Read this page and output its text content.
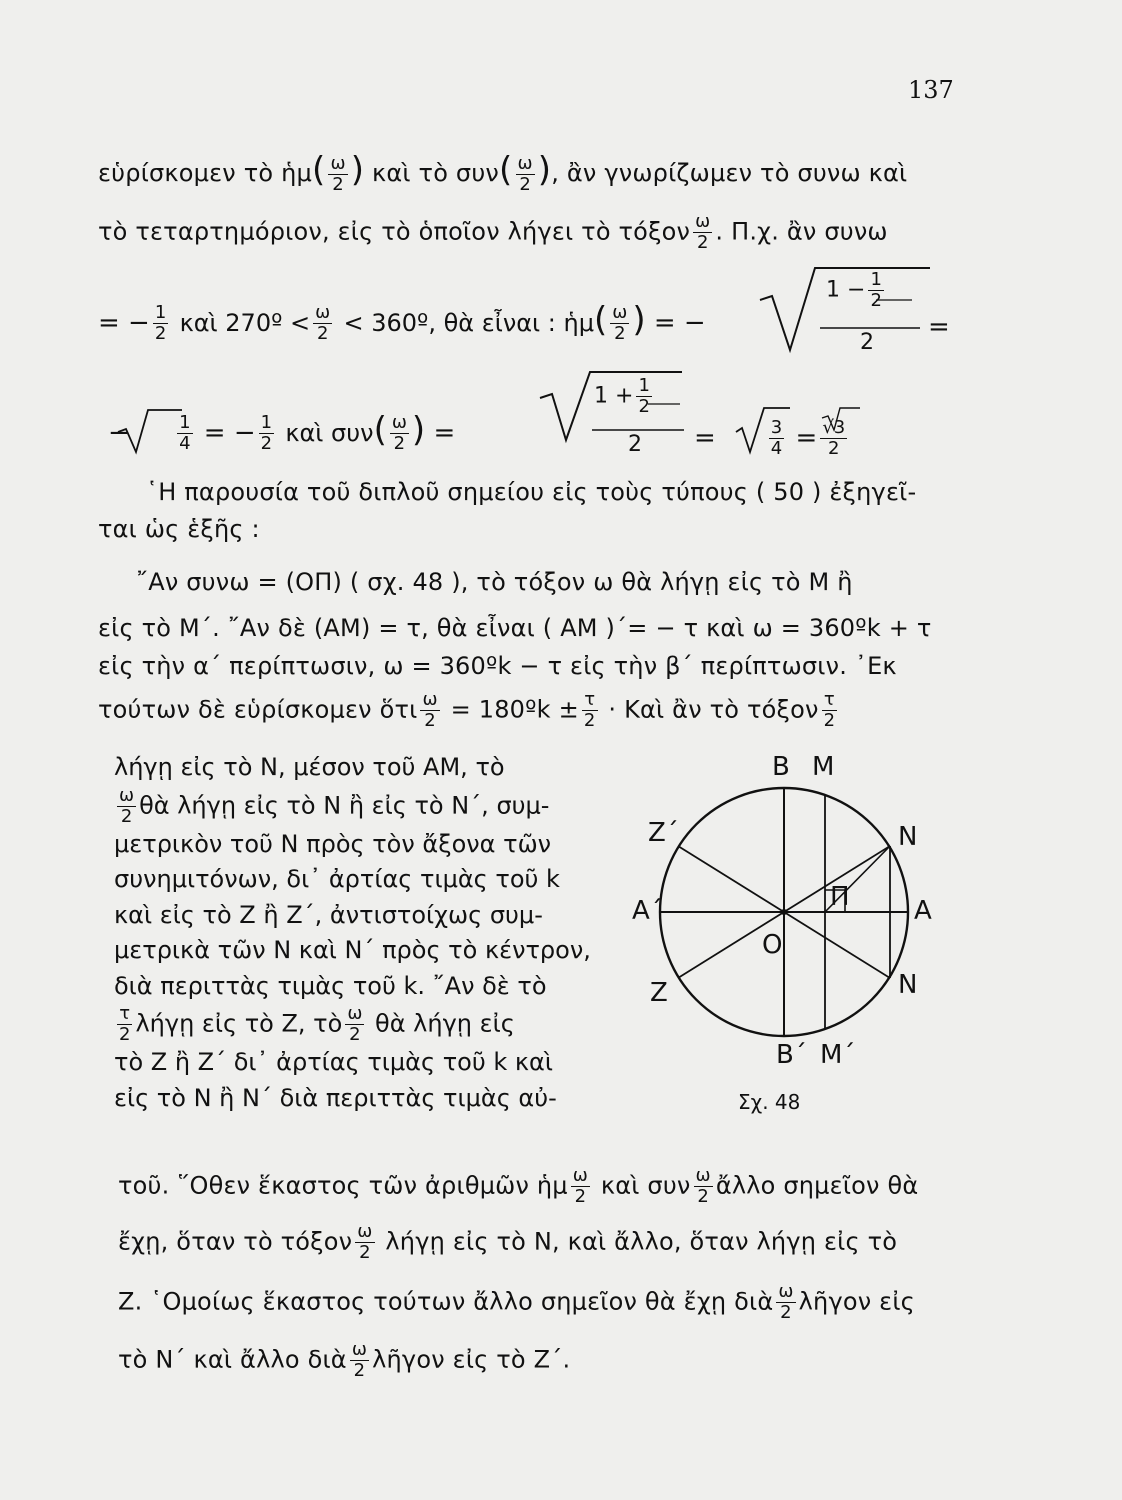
137
εὑρίσκομεν τὸ ἡμ( $\frac{\omega}{2}$ ) καὶ τὸ $\sigma\upsilon\nu( \frac{\omega}{2}$ ), ἂν γνωρίζωμεν τὸ συνω καὶ
τὸ τεταρτημόριον, εἰς τὸ ὁποῖον λήγει τὸ τόξον $\frac{\omega}{2}$ . Π.χ. ἂν συνω
= − $\frac{1}{2}$ καὶ 270º < $\frac{\omega}{2}$ < 360º, θὰ εἶναι : ἡμ( $\frac{\omega}{2}$ ) = −
$1 - \frac{1}{2}$
2
=
−	$\frac{1}{4}$ = − $\frac{1}{2}$ καὶ $\sigma\upsilon\nu( \frac{\omega}{2}$ ) =
$1 + \frac{1}{2}$
2 =	$\frac{3}{4} = \frac{√3}{2}$
῾Η παρουσία τοῦ διπλοῦ σημείου εἰς τοὺς τύπους ( 50 ) ἐξηγεῖ-
ται ὡς ἑξῆς :
῎Αν συνω = (ΟΠ) ( σχ. 48 ), τὸ τόξον ω θὰ λήγῃ εἰς τὸ Μ ἢ
εἰς τὸ Μ΄. ῎Αν δὲ (ΑΜ) = τ, θὰ εἶναι ( ΑΜ )΄= − τ καὶ ω = 360ºk + τ
εἰς τὴν α΄ περίπτωσιν, ω = 360ºk − τ εἰς τὴν β΄ περίπτωσιν. ᾿Εκ
τούτων δὲ εὑρίσκομεν ὅτι $\frac{\omega}{2}$ = 180ºk ± $\frac{\tau}{2}$ · Καὶ ἂν τὸ τόξον $\frac{\tau}{2}$
λήγῃ εἰς τὸ Ν, μέσον τοῦ ΑΜ, τὸ
$\frac{\omega}{2}$ θὰ λήγῃ εἰς τὸ Ν ἢ εἰς τὸ Ν΄, συμ-
μετρικὸν τοῦ Ν πρὸς τὸν ἄξονα τῶν
συνημιτόνων, δι᾿ ἀρτίας τιμὰς τοῦ k
καὶ εἰς τὸ Ζ ἢ Ζ΄, ἀντιστοίχως συμ-
μετρικὰ τῶν Ν καὶ Ν΄ πρὸς τὸ κέντρον,
διὰ περιττὰς τιμὰς τοῦ k. ῎Αν δὲ τὸ
$\frac{\tau}{2}$ λήγῃ εἰς τὸ Ζ, τὸ $\frac{\omega}{2}$ θὰ λήγῃ εἰς
τὸ Ζ ἢ Ζ΄ δι᾿ ἀρτίας τιμὰς τοῦ k καὶ
εἰς τὸ Ν ἢ Ν΄ διὰ περιττὰς τιμὰς αὐ-
Β Μ
Ν
Ζ΄
Α΄	Α
Π
Ο
Ζ	Ν
Β΄ Μ΄
Σχ. 48
τοῦ. ῞Οθεν ἕκαστος τῶν ἀριθμῶν ἡμ $\frac{\omega}{2}$ καὶ συν $\frac{\omega}{2}$ ἄλλο σημεῖον θὰ
ἔχῃ, ὅταν τὸ τόξον $\frac{\omega}{2}$ λήγῃ εἰς τὸ Ν, καὶ ἄλλο, ὅταν λήγῃ εἰς τὸ
Ζ. ῾Ομοίως ἕκαστος τούτων ἄλλο σημεῖον θὰ ἔχῃ διὰ $\frac{\omega}{2}$ λῆγον εἰς
τὸ Ν΄ καὶ ἄλλο διὰ $\frac{\omega}{2}$ λῆγον εἰς τὸ Ζ΄.
